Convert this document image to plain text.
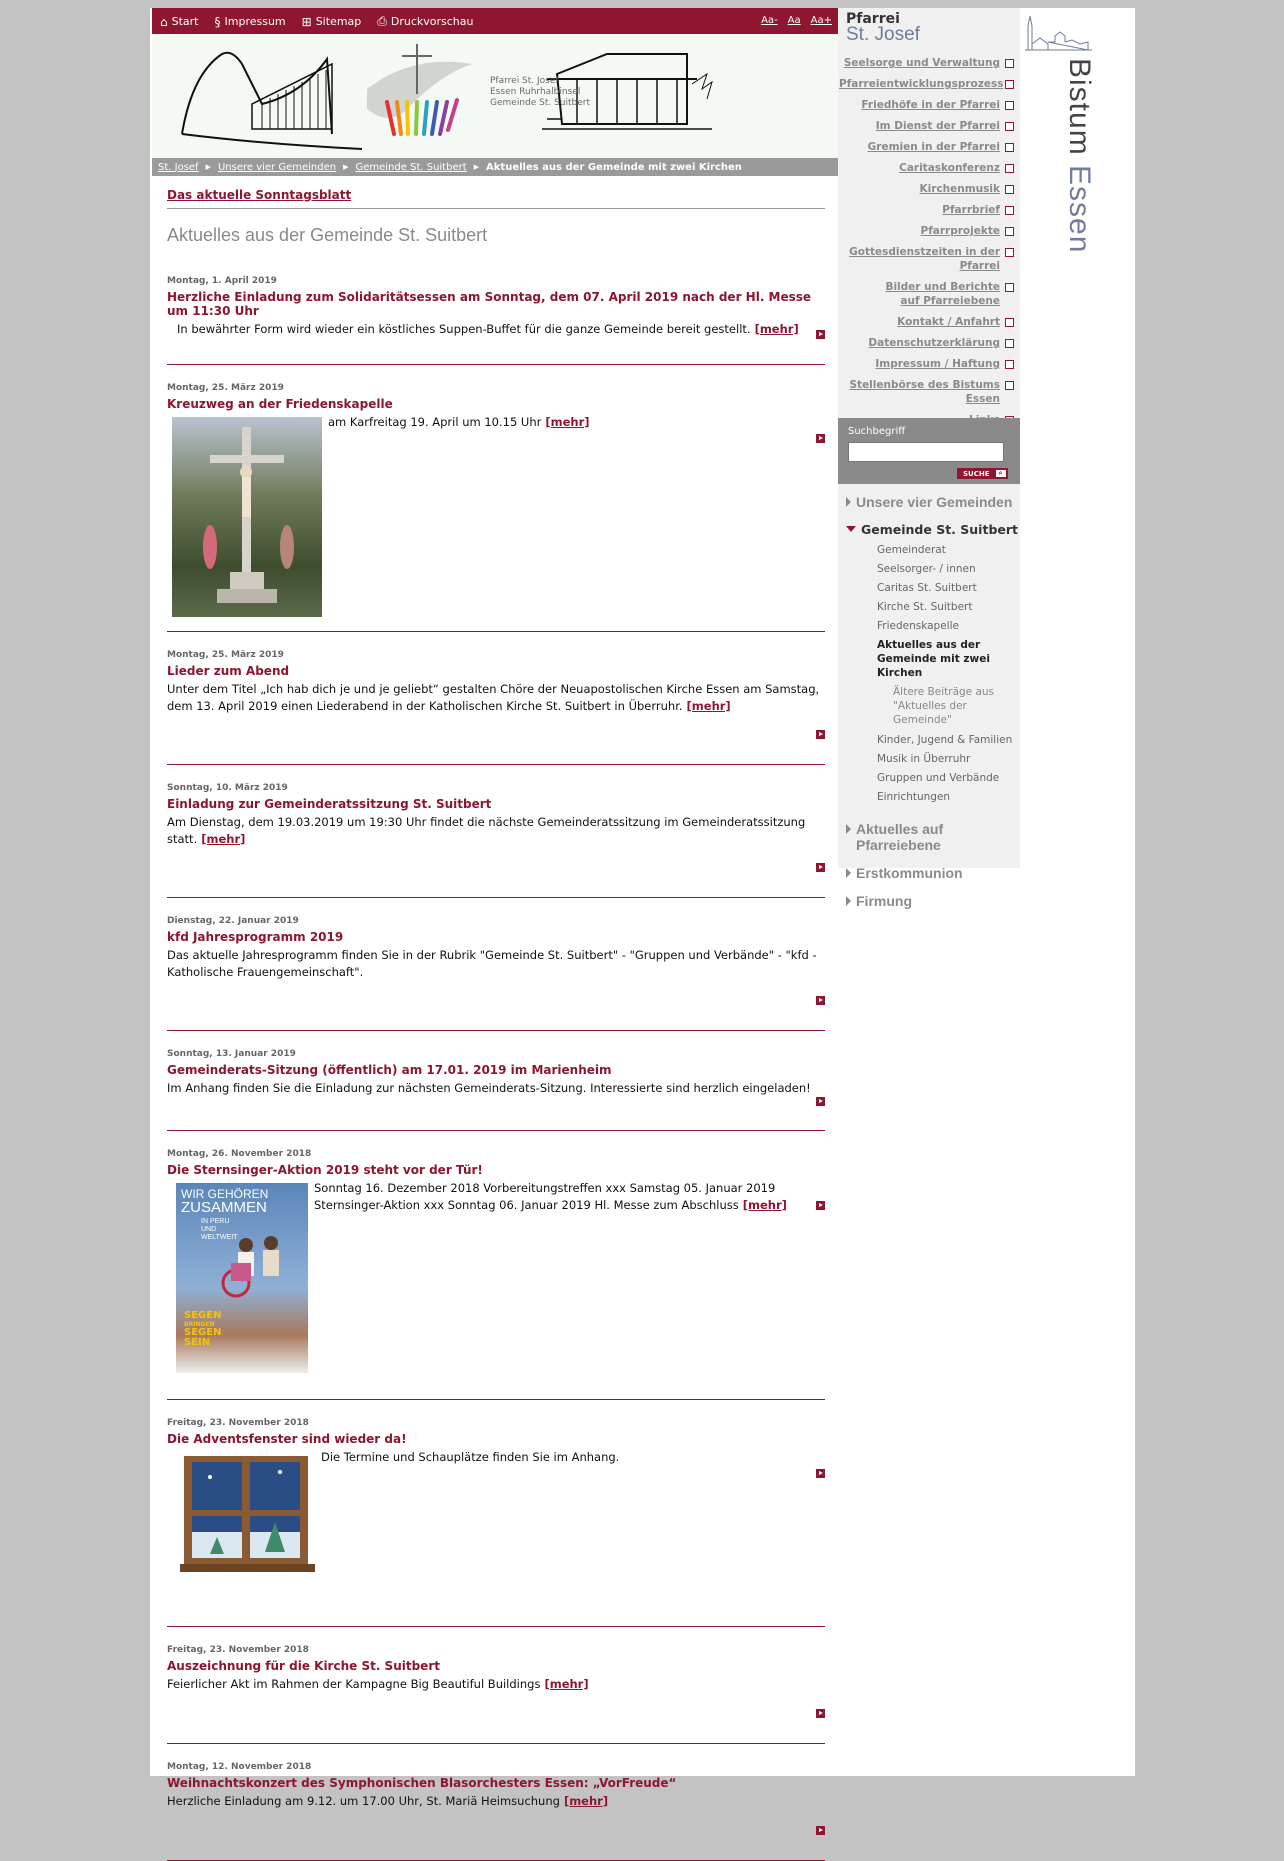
⌂ Start § Impressum ⊞ Sitemap ⎙ Druckvorschau	Aa- Aa Aa+
Pfarrei St. Josef
Essen Ruhrhalbinsel
Gemeinde St. Suitbert
St. Josef ▶ Unsere vier Gemeinden ▶ Gemeinde St. Suitbert ▶ Aktuelles aus der Gemeinde mit zwei Kirchen
Das aktuelle Sonntagsblatt
Aktuelles aus der Gemeinde St. Suitbert
Montag, 1. April 2019
Herzliche Einladung zum Solidaritätsessen am Sonntag, dem 07. April 2019 nach der Hl. Messe um 11:30 Uhr
In bewährter Form wird wieder ein köstliches Suppen-Buffet für die ganze Gemeinde bereit gestellt. [mehr]
Montag, 25. März 2019
Kreuzweg an der Friedenskapelle
am Karfreitag 19. April um 10.15 Uhr [mehr]
Montag, 25. März 2019
Lieder zum Abend
Unter dem Titel „Ich hab dich je und je geliebt“ gestalten Chöre der Neuapostolischen Kirche Essen am Samstag, dem 13. April 2019 einen Liederabend in der Katholischen Kirche St. Suitbert in Überruhr. [mehr]
Sonntag, 10. März 2019
Einladung zur Gemeinderatssitzung St. Suitbert
Am Dienstag, dem 19.03.2019 um 19:30 Uhr findet die nächste Gemeinderatssitzung im Gemeinderatssitzung statt. [mehr]
Dienstag, 22. Januar 2019
kfd Jahresprogramm 2019
Das aktuelle Jahresprogramm finden Sie in der Rubrik "Gemeinde St. Suitbert" - "Gruppen und Verbände" - "kfd - Katholische Frauengemeinschaft".
Sonntag, 13. Januar 2019
Gemeinderats-Sitzung (öffentlich) am 17.01. 2019 im Marienheim
Im Anhang finden Sie die Einladung zur nächsten Gemeinderats-Sitzung. Interessierte sind herzlich eingeladen!
Montag, 26. November 2018
Die Sternsinger-Aktion 2019 steht vor der Tür!
WIR GEHÖREN
ZUSAMMEN
IN PERU
UND
WELTWEIT
SEGEN
BRINGEN
SEGEN
SEIN
Sonntag 16. Dezember 2018 Vorbereitungstreffen xxx Samstag 05. Januar 2019 Sternsinger-Aktion xxx Sonntag 06. Januar 2019 Hl. Messe zum Abschluss [mehr]
Freitag, 23. November 2018
Die Adventsfenster sind wieder da!
Die Termine und Schauplätze finden Sie im Anhang.
Freitag, 23. November 2018
Auszeichnung für die Kirche St. Suitbert
Feierlicher Akt im Rahmen der Kampagne Big Beautiful Buildings [mehr]
Montag, 12. November 2018
Weihnachtskonzert des Symphonischen Blasorchesters Essen: „VorFreude“
Herzliche Einladung am 9.12. um 17.00 Uhr, St. Mariä Heimsuchung [mehr]
Pfarrei
St. Josef
Seelsorge und Verwaltung
Pfarreientwicklungsprozess
Friedhöfe in der Pfarrei
Im Dienst der Pfarrei
Gremien in der Pfarrei
Caritaskonferenz
Kirchenmusik
Pfarrbrief
Pfarrprojekte
Gottesdienstzeiten in der Pfarrei
Bilder und Berichte auf Pfarreiebene
Kontakt / Anfahrt
Datenschutzerklärung
Impressum / Haftung
Stellenbörse des Bistums Essen
Suchbegriff
SUCHE	⌕
Unsere vier Gemeinden
Gemeinde St. Suitbert
Gemeinderat
Seelsorger- / innen
Caritas St. Suitbert
Kirche St. Suitbert
Friedenskapelle
Aktuelles aus der Gemeinde mit zwei Kirchen
Ältere Beiträge aus "Aktuelles der Gemeinde"
Kinder, Jugend & Familien
Musik in Überruhr
Gruppen und Verbände
Einrichtungen
Aktuelles auf Pfarreiebene
Erstkommunion
Firmung
Bistum Essen
